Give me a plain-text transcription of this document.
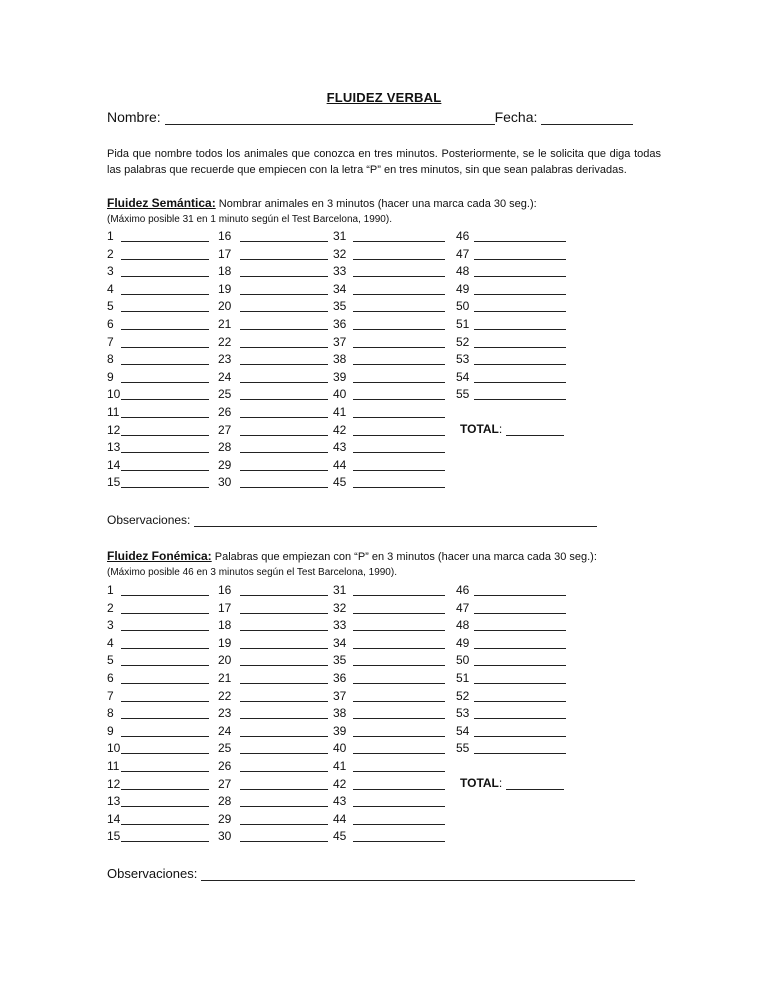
FLUIDEZ VERBAL
Nombre:	Fecha:
Pida que nombre todos los animales que conozca en tres minutos. Posteriormente, se le solicita que diga todas las palabras que recuerde que empiecen con la letra “P” en tres minutos, sin que sean palabras derivadas.
Fluidez Semántica: Nombrar animales en 3 minutos (hacer una marca cada 30 seg.):
(Máximo posible 31 en 1 minuto según el Test Barcelona, 1990).
1
2
3
4
5
6
7
8
9
10
11
12
13
14
15
16
17
18
19
20
21
22
23
24
25
26
27
28
29
30
31
32
33
34
35
36
37
38
39
40
41
42
43
44
45
46
47
48
49
50
51
52
53
54
55
TOTAL:
Observaciones:
Fluidez Fonémica: Palabras que empiezan con “P” en 3 minutos (hacer una marca cada 30 seg.):
(Máximo posible 46 en 3 minutos según el Test Barcelona, 1990).
1
2
3
4
5
6
7
8
9
10
11
12
13
14
15
16
17
18
19
20
21
22
23
24
25
26
27
28
29
30
31
32
33
34
35
36
37
38
39
40
41
42
43
44
45
46
47
48
49
50
51
52
53
54
55
TOTAL:
Observaciones:
